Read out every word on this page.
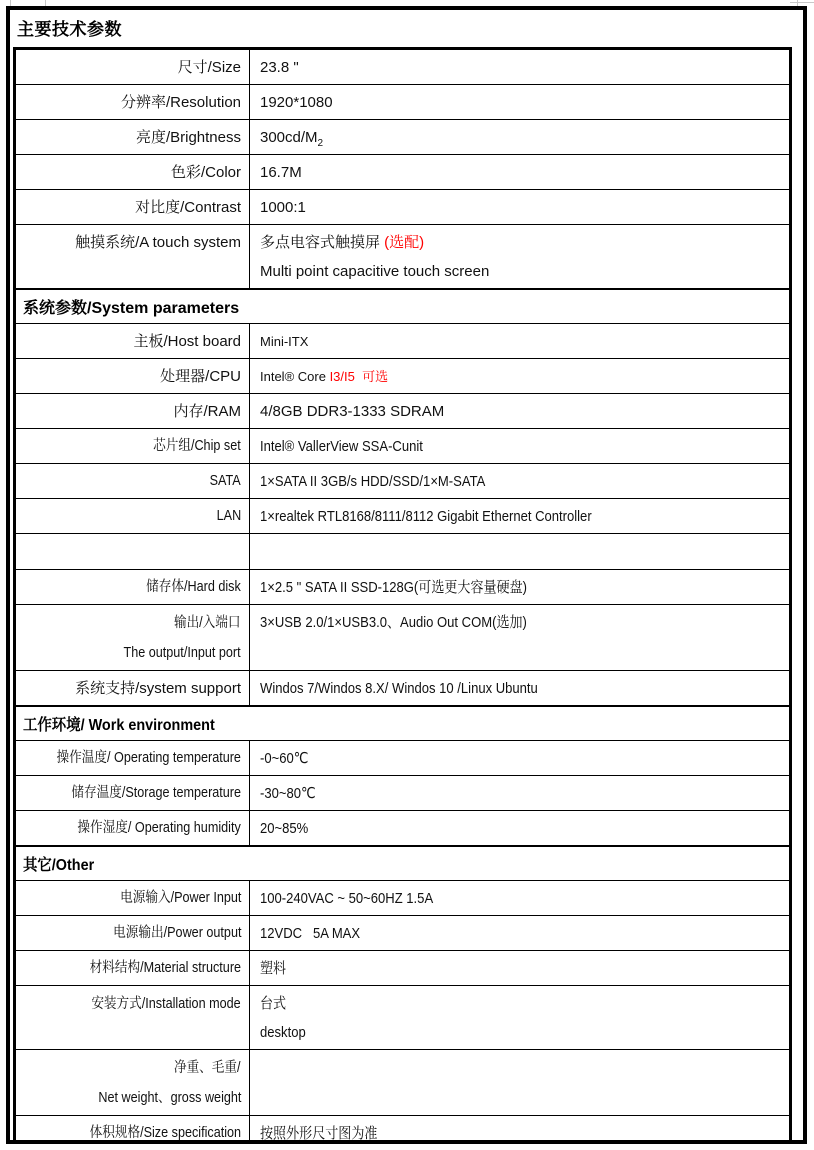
主要技术参数
尺寸/Size 23.8 "
分辨率/Resolution 1920*1080
亮度/Brightness $300cd/M_2$
色彩/Color 16.7M
对比度/Contrast 1000:1
触摸系统/A touch system 多点电容式触摸屏 (选配)
Multi point capacitive touch screen
系统参数/System parameters
主板/Host board Mini-ITX
处理器/CPU Intel® Core I3/I5  可选
内存/RAM 4/8GB DDR3-1333 SDRAM
芯片组/Chip set Intel® VallerView SSA-Cunit
SATA 1×SATA II 3GB/s HDD/SSD/1×M-SATA
LAN 1×realtek RTL8168/8111/8112 Gigabit Ethernet Controller
储存体/Hard disk 1×2.5 " SATA II SSD-128G(可选更大容量硬盘)
输出/入端口
The output/Input port
3×USB 2.0/1×USB3.0、Audio Out COM(选加)
系统支持/system support Windos 7/Windos 8.X/ Windos 10 /Linux Ubuntu
工作环境/ Work environment
操作温度/ Operating temperature -0~60℃
储存温度/Storage temperature -30~80℃
操作湿度/ Operating humidity 20~85%
其它/Other
电源输入/Power Input 100-240VAC ~ 50~60HZ 1.5A
电源输出/Power output 12VDC   5A MAX
材料结构/Material structure 塑料
安装方式/Installation mode 台式
desktop
净重、毛重/
Net weight、gross weight
体积规格/Size specification 按照外形尺寸图为准
